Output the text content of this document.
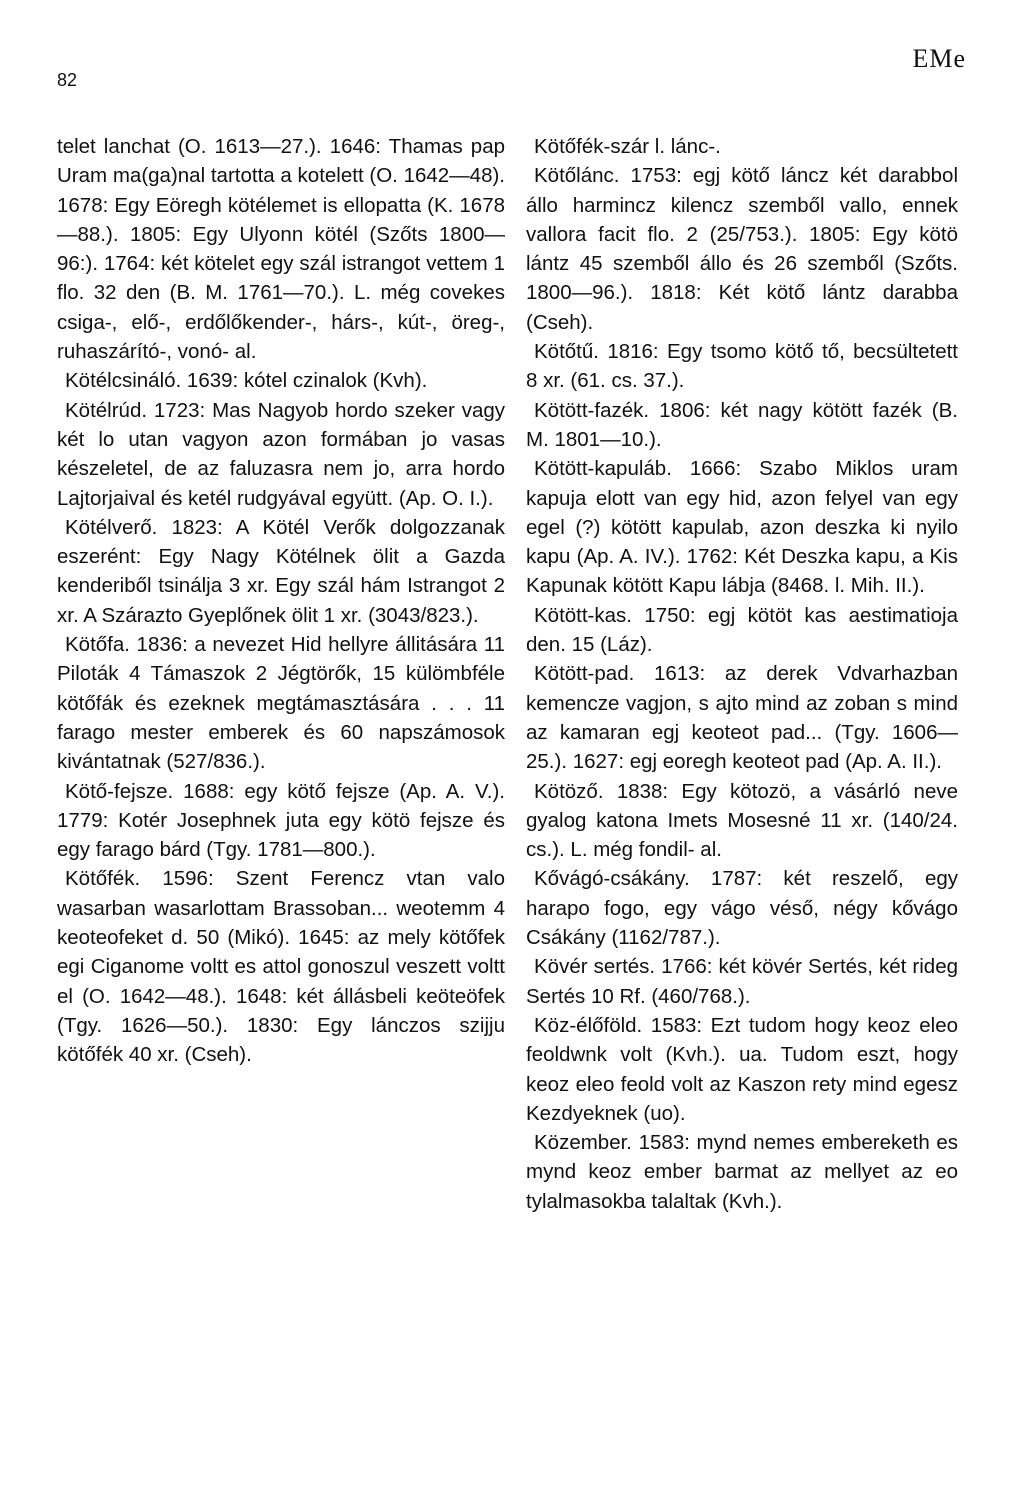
82
EMe

telet lanchat (O. 1613—27.). 1646: Thamas pap Uram ma(ga)nal tartotta a kotelett (O. 1642—48). 1678: Egy Eöregh kötélemet is ellopatta (K. 1678—88.). 1805: Egy Ulyonn kötél (Szőts 1800—96:). 1764: két kötelet egy szál istrangot vettem 1 flo. 32 den (B. M. 1761—70.). L. még covekes csiga-, elő-, erdőlőkender-, hárs-, kút-, öreg-, ruhaszárító-, vonó- al.

Kötélcsináló. 1639: kótel czinalok (Kvh).

Kötélrúd. 1723: Mas Nagyob hordo szeker vagy két lo utan vagyon azon formában jo vasas készeletel, de az faluzasra nem jo, arra hordo Lajtorjaival és ketél rudgyával együtt. (Ap. O. I.).

Kötélverő. 1823: A Kötél Verők dolgozzanak eszerént: Egy Nagy Kötélnek ölit a Gazda kenderiből tsinálja 3 xr. Egy szál hám Istrangot 2 xr. A Szárazto Gyeplőnek ölit 1 xr. (3043/823.).

Kötőfa. 1836: a nevezet Hid hellyre állitására 11 Piloták 4 Támaszok 2 Jégtörők, 15 külömbféle kötőfák és ezeknek megtámasztására . . . 11 farago mester emberek és 60 napszámosok kivántatnak (527/836.).

Kötő-fejsze. 1688: egy kötő fejsze (Ap. A. V.). 1779: Kotér Josephnek juta egy kötö fejsze és egy farago bárd (Tgy. 1781—800.).

Kötőfék. 1596: Szent Ferencz vtan valo wasarban wasarlottam Brassoban... weotemm 4 keoteofeket d. 50 (Mikó). 1645: az mely kötőfek egi Ciganome voltt es attol gonoszul veszett voltt el (O. 1642—48.). 1648: két állásbeli keöteöfek (Tgy. 1626—50.). 1830: Egy lánczos szijju kötőfék 40 xr. (Cseh).

Kötőfék-szár l. lánc-.

Kötőlánc. 1753: egj kötő láncz két darabbol állo harmincz kilencz szemből vallo, ennek vallora facit flo. 2 (25/753.). 1805: Egy kötö lántz 45 szemből állo és 26 szemből (Szőts. 1800—96.). 1818: Két kötő lántz darabba (Cseh).

Kötőtű. 1816: Egy tsomo kötő tő, becsültetett 8 xr. (61. cs. 37.).

Kötött-fazék. 1806: két nagy kötött fazék (B. M. 1801—10.).

Kötött-kapuláb. 1666: Szabo Miklos uram kapuja elott van egy hid, azon felyel van egy egel (?) kötött kapulab, azon deszka ki nyilo kapu (Ap. A. IV.). 1762: Két Deszka kapu, a Kis Kapunak kötött Kapu lábja (8468. l. Mih. II.).

Kötött-kas. 1750: egj kötöt kas aestimatioja den. 15 (Láz).

Kötött-pad. 1613: az derek Vdvarhazban kemencze vagjon, s ajto mind az zoban s mind az kamaran egj keoteot pad... (Tgy. 1606—25.). 1627: egj eoregh keoteot pad (Ap. A. II.).

Kötöző. 1838: Egy kötozö, a vásárló neve gyalog katona Imets Mosesné 11 xr. (140/24. cs.). L. még fondil- al.

Kővágó-csákány. 1787: két reszelő, egy harapo fogo, egy vágo véső, négy kővágo Csákány (1162/787.).

Kövér sertés. 1766: két kövér Sertés, két rideg Sertés 10 Rf. (460/768.).

Köz-élőföld. 1583: Ezt tudom hogy keoz eleo feoldwnk volt (Kvh.). ua. Tudom eszt, hogy keoz eleo feold volt az Kaszon rety mind egesz Kezdyeknek (uo).

Közember. 1583: mynd nemes embereketh es mynd keoz ember barmat az mellyet az eo tylalmasokba talaltak (Kvh.).
